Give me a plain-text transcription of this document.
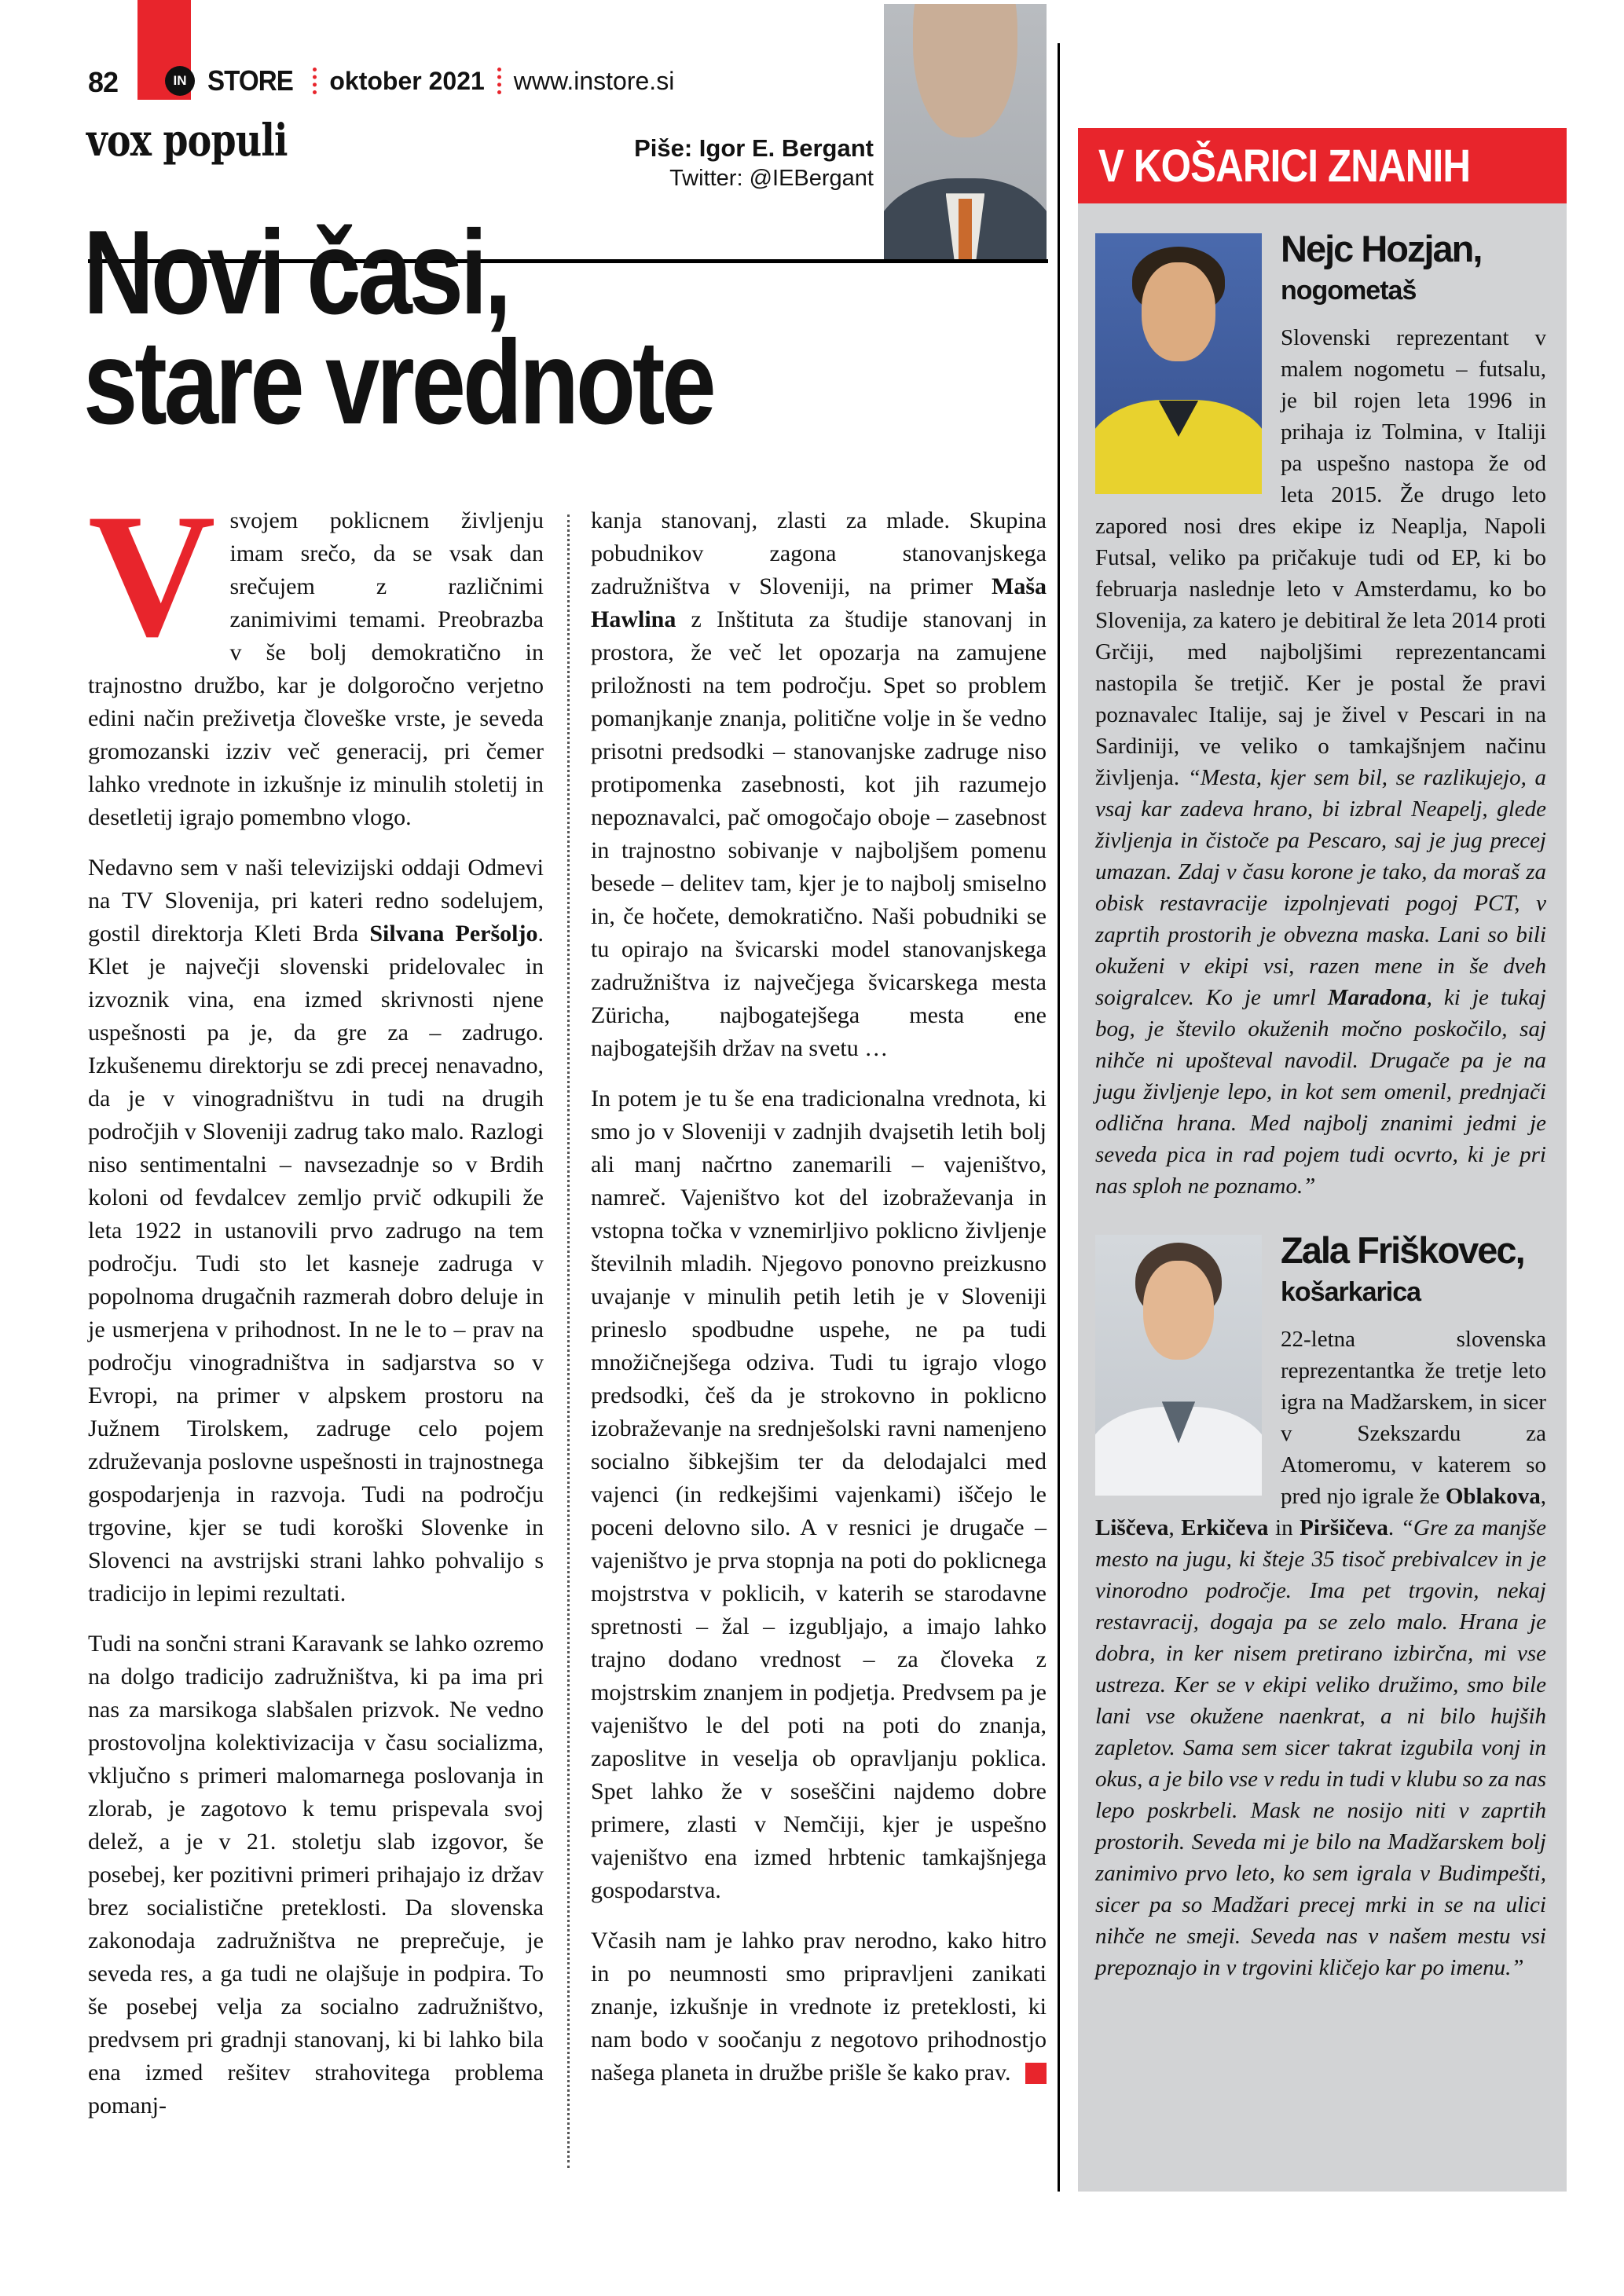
82	IN STORE oktober 2021 www.instore.si
vox populi	Piše: Igor E. Bergant
Twitter: @IEBergant
Novi časi,
stare vrednote

Vsvojem poklicnem življenju imam srečo, da se vsak dan srečujem z različnimi zanimivimi temami. Preobrazba v še bolj demokratično in trajnostno družbo, kar je dolgoročno verjetno edini način preživetja človeške vrste, je seveda gromozanski izziv več generacij, pri čemer lahko vrednote in izkušnje iz minulih stoletij in desetletij igrajo pomembno vlogo.

Nedavno sem v naši televizijski oddaji Odmevi na TV Slovenija, pri kateri redno sodelujem, gostil direktorja Kleti Brda Silvana Peršoljo. Klet je največji slovenski pridelovalec in izvoznik vina, ena izmed skrivnosti njene uspešnosti pa je, da gre za – zadrugo. Izkušenemu direktorju se zdi precej nenavadno, da je v vinogradništvu in tudi na drugih področjih v Sloveniji zadrug tako malo. Razlogi niso sentimentalni – navsezadnje so v Brdih koloni od fevdalcev zemljo prvič odkupili že leta 1922 in ustanovili prvo zadrugo na tem področju. Tudi sto let kasneje zadruga v popolnoma drugačnih razmerah dobro deluje in je usmerjena v prihodnost. In ne le to – prav na področju vinogradništva in sadjarstva so v Evropi, na primer v alpskem prostoru na Južnem Tirolskem, zadruge celo pojem združevanja poslovne uspešnosti in trajnostnega gospodarjenja in razvoja. Tudi na področju trgovine, kjer se tudi koroški Slovenke in Slovenci na avstrijski strani lahko pohvalijo s tradicijo in lepimi rezultati.

Tudi na sončni strani Karavank se lahko ozremo na dolgo tradicijo zadružništva, ki pa ima pri nas za marsikoga slabšalen prizvok. Ne vedno prostovoljna kolektivizacija v času socializma, vključno s primeri malomarnega poslovanja in zlorab, je zagotovo k temu prispevala svoj delež, a je v 21. stoletju slab izgovor, še posebej, ker pozitivni primeri prihajajo iz držav brez socialistične preteklosti. Da slovenska zakonodaja zadružništva ne preprečuje, je seveda res, a ga tudi ne olajšuje in podpira. To še posebej velja za socialno zadružništvo, predvsem pri gradnji stanovanj, ki bi lahko bila ena izmed rešitev strahovitega problema pomanj-

kanja stanovanj, zlasti za mlade. Skupina pobudnikov zagona stanovanjskega zadružništva v Sloveniji, na primer Maša Hawlina z Inštituta za študije stanovanj in prostora, že več let opozarja na zamujene priložnosti na tem področju. Spet so problem pomanjkanje znanja, politične volje in še vedno prisotni predsodki – stanovanjske zadruge niso protipomenka zasebnosti, kot jih razumejo nepoznavalci, pač omogočajo oboje – zasebnost in trajnostno sobivanje v najboljšem pomenu besede – delitev tam, kjer je to najbolj smiselno in, če hočete, demokratično. Naši pobudniki se tu opirajo na švicarski model stanovanjskega zadružništva iz največjega švicarskega mesta Züricha, najbogatejšega mesta ene najbogatejših držav na svetu …

In potem je tu še ena tradicionalna vrednota, ki smo jo v Sloveniji v zadnjih dvajsetih letih bolj ali manj načrtno zanemarili – vajeništvo, namreč. Vajeništvo kot del izobraževanja in vstopna točka v vznemirljivo poklicno življenje številnih mladih. Njegovo ponovno preizkusno uvajanje v minulih petih letih je v Sloveniji prineslo spodbudne uspehe, ne pa tudi množičnejšega odziva. Tudi tu igrajo vlogo predsodki, češ da je strokovno in poklicno izobraževanje na srednješolski ravni namenjeno socialno šibkejšim ter da delodajalci med vajenci (in redkejšimi vajenkami) iščejo le poceni delovno silo. A v resnici je drugače – vajeništvo je prva stopnja na poti do poklicnega mojstrstva v poklicih, v katerih se starodavne spretnosti – žal – izgubljajo, a imajo lahko trajno dodano vrednost – za človeka z mojstrskim znanjem in podjetja. Predvsem pa je vajeništvo le del poti na poti do znanja, zaposlitve in veselja ob opravljanju poklica. Spet lahko že v soseščini najdemo dobre primere, zlasti v Nemčiji, kjer je uspešno vajeništvo ena izmed hrbtenic tamkajšnjega gospodarstva.

Včasih nam je lahko prav nerodno, kako hitro in po neumnosti smo pripravljeni zanikati znanje, izkušnje in vrednote iz preteklosti, ki nam bodo v soočanju z negotovo prihodnostjo našega planeta in družbe prišle še kako prav.

V KOŠARICI ZNANIH
Nejc Hozjan,
nogometaš

Slovenski reprezentant v malem nogometu – futsalu, je bil rojen leta 1996 in prihaja iz Tolmina, v Italiji pa uspešno nastopa že od leta 2015. Že drugo leto zapored nosi dres ekipe iz Neaplja, Napoli Futsal, veliko pa pričakuje tudi od EP, ki bo februarja naslednje leto v Amsterdamu, ko bo Slovenija, za katero je debitiral že leta 2014 proti Grčiji, med najboljšimi reprezentancami nastopila še tretjič. Ker je postal že pravi poznavalec Italije, saj je živel v Pescari in na Sardiniji, ve veliko o tamkajšnjem načinu življenja. “Mesta, kjer sem bil, se razlikujejo, a vsaj kar zadeva hrano, bi izbral Neapelj, glede življenja in čistoče pa Pescaro, saj je jug precej umazan. Zdaj v času korone je tako, da moraš za obisk restavracije izpolnjevati pogoj PCT, v zaprtih prostorih je obvezna maska. Lani so bili okuženi v ekipi vsi, razen mene in še dveh soigralcev. Ko je umrl Maradona, ki je tukaj bog, je število okuženih močno poskočilo, saj nihče ni upošteval navodil. Drugače pa je na jugu življenje lepo, in kot sem omenil, prednjači odlična hrana. Med najbolj znanimi jedmi je seveda pica in rad pojem tudi ocvrto, ki je pri nas sploh ne poznamo.”

Zala Friškovec,
košarkarica

22-letna slovenska reprezentantka že tretje leto igra na Madžarskem, in sicer v Szekszardu za Atomeromu, v katerem so pred njo igrale že Oblakova, Liščeva, Erkičeva in Piršičeva. “Gre za manjše mesto na jugu, ki šteje 35 tisoč prebivalcev in je vinorodno področje. Ima pet trgovin, nekaj restavracij, dogaja pa se zelo malo. Hrana je dobra, in ker nisem pretirano izbirčna, mi vse ustreza. Ker se v ekipi veliko družimo, smo bile lani vse okužene naenkrat, a ni bilo hujših zapletov. Sama sem sicer takrat izgubila vonj in okus, a je bilo vse v redu in tudi v klubu so za nas lepo poskrbeli. Mask ne nosijo niti v zaprtih prostorih. Seveda mi je bilo na Madžarskem bolj zanimivo prvo leto, ko sem igrala v Budimpešti, sicer pa so Madžari precej mrki in se na ulici nihče ne smeji. Seveda nas v našem mestu vsi prepoznajo in v trgovini kličejo kar po imenu.”
